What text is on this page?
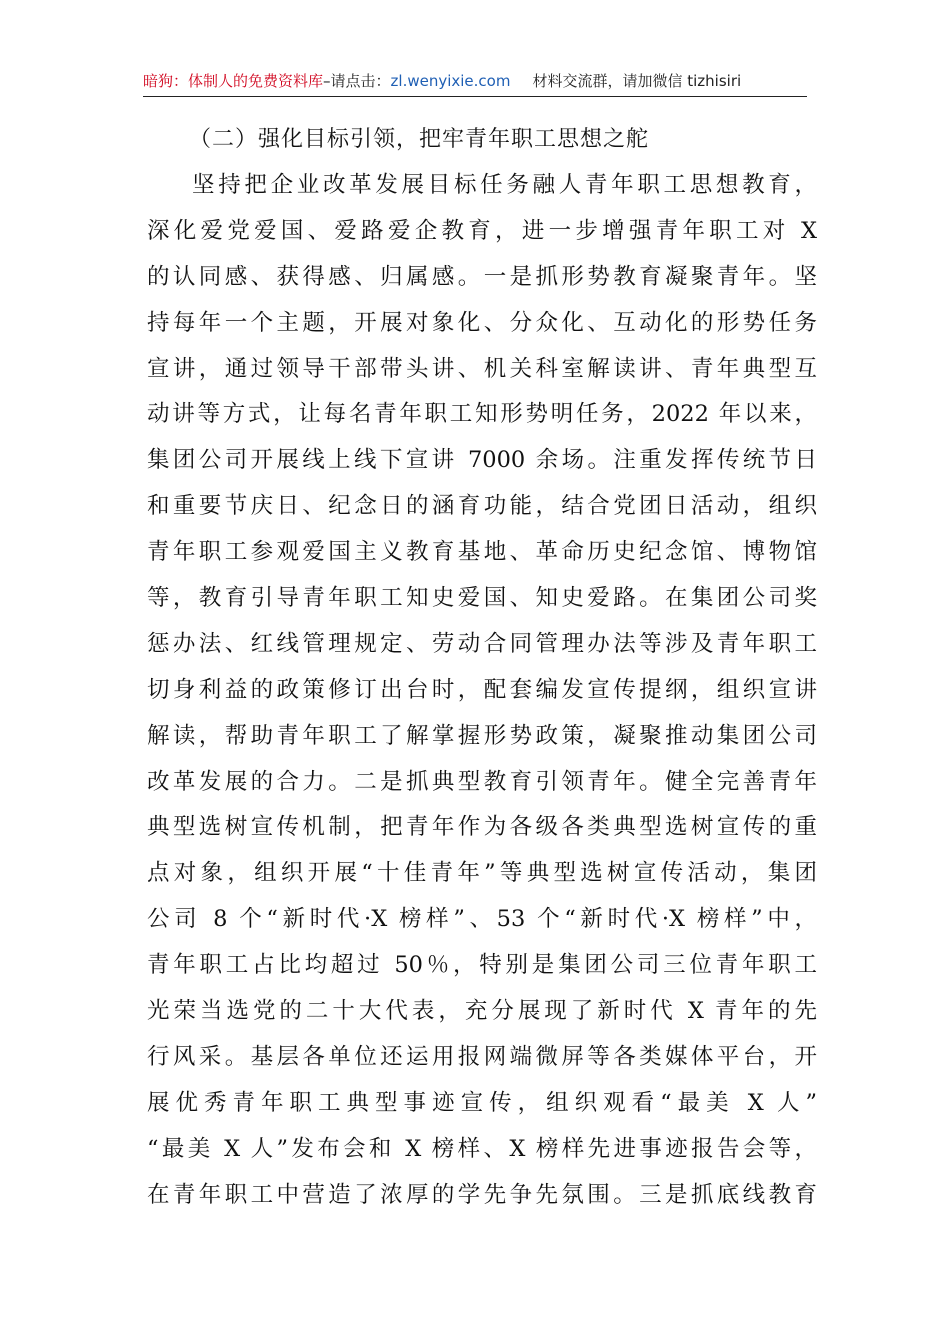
暗狗：体制人的免费资料库–请点击：zl.wenyixie.com 材料交流群，请加微信 tizhisiri
（二）强化目标引领，把牢青年职工思想之舵
坚持把企业改革发展目标任务融人青年职工思想教育，
深化爱党爱国、爱路爱企教育，进一步增强青年职工对 X
的认同感、获得感、归属感。一是抓形势教育凝聚青年。坚
持每年一个主题，开展对象化、分众化、互动化的形势任务
宣讲，通过领导干部带头讲、机关科室解读讲、青年典型互
动讲等方式，让每名青年职工知形势明任务，2022 年以来，
集团公司开展线上线下宣讲 7000 余场。注重发挥传统节日
和重要节庆日、纪念日的涵育功能，结合党团日活动，组织
青年职工参观爱国主义教育基地、革命历史纪念馆、博物馆
等，教育引导青年职工知史爱国、知史爱路。在集团公司奖
惩办法、红线管理规定、劳动合同管理办法等涉及青年职工
切身利益的政策修订出台时，配套编发宣传提纲，组织宣讲
解读，帮助青年职工了解掌握形势政策，凝聚推动集团公司
改革发展的合力。二是抓典型教育引领青年。健全完善青年
典型选树宣传机制，把青年作为各级各类典型选树宣传的重
点对象，组织开展“十佳青年”等典型选树宣传活动，集团
公司 8 个“新时代·X 榜样”、53 个“新时代·X 榜样”中，
青年职工占比均超过 50％，特别是集团公司三位青年职工
光荣当选党的二十大代表，充分展现了新时代 X 青年的先
行风采。基层各单位还运用报网端微屏等各类媒体平台，开
展优秀青年职工典型事迹宣传，组织观看“最美 X 人”
“最美 X 人”发布会和 X 榜样、X 榜样先进事迹报告会等，
在青年职工中营造了浓厚的学先争先氛围。三是抓底线教育
